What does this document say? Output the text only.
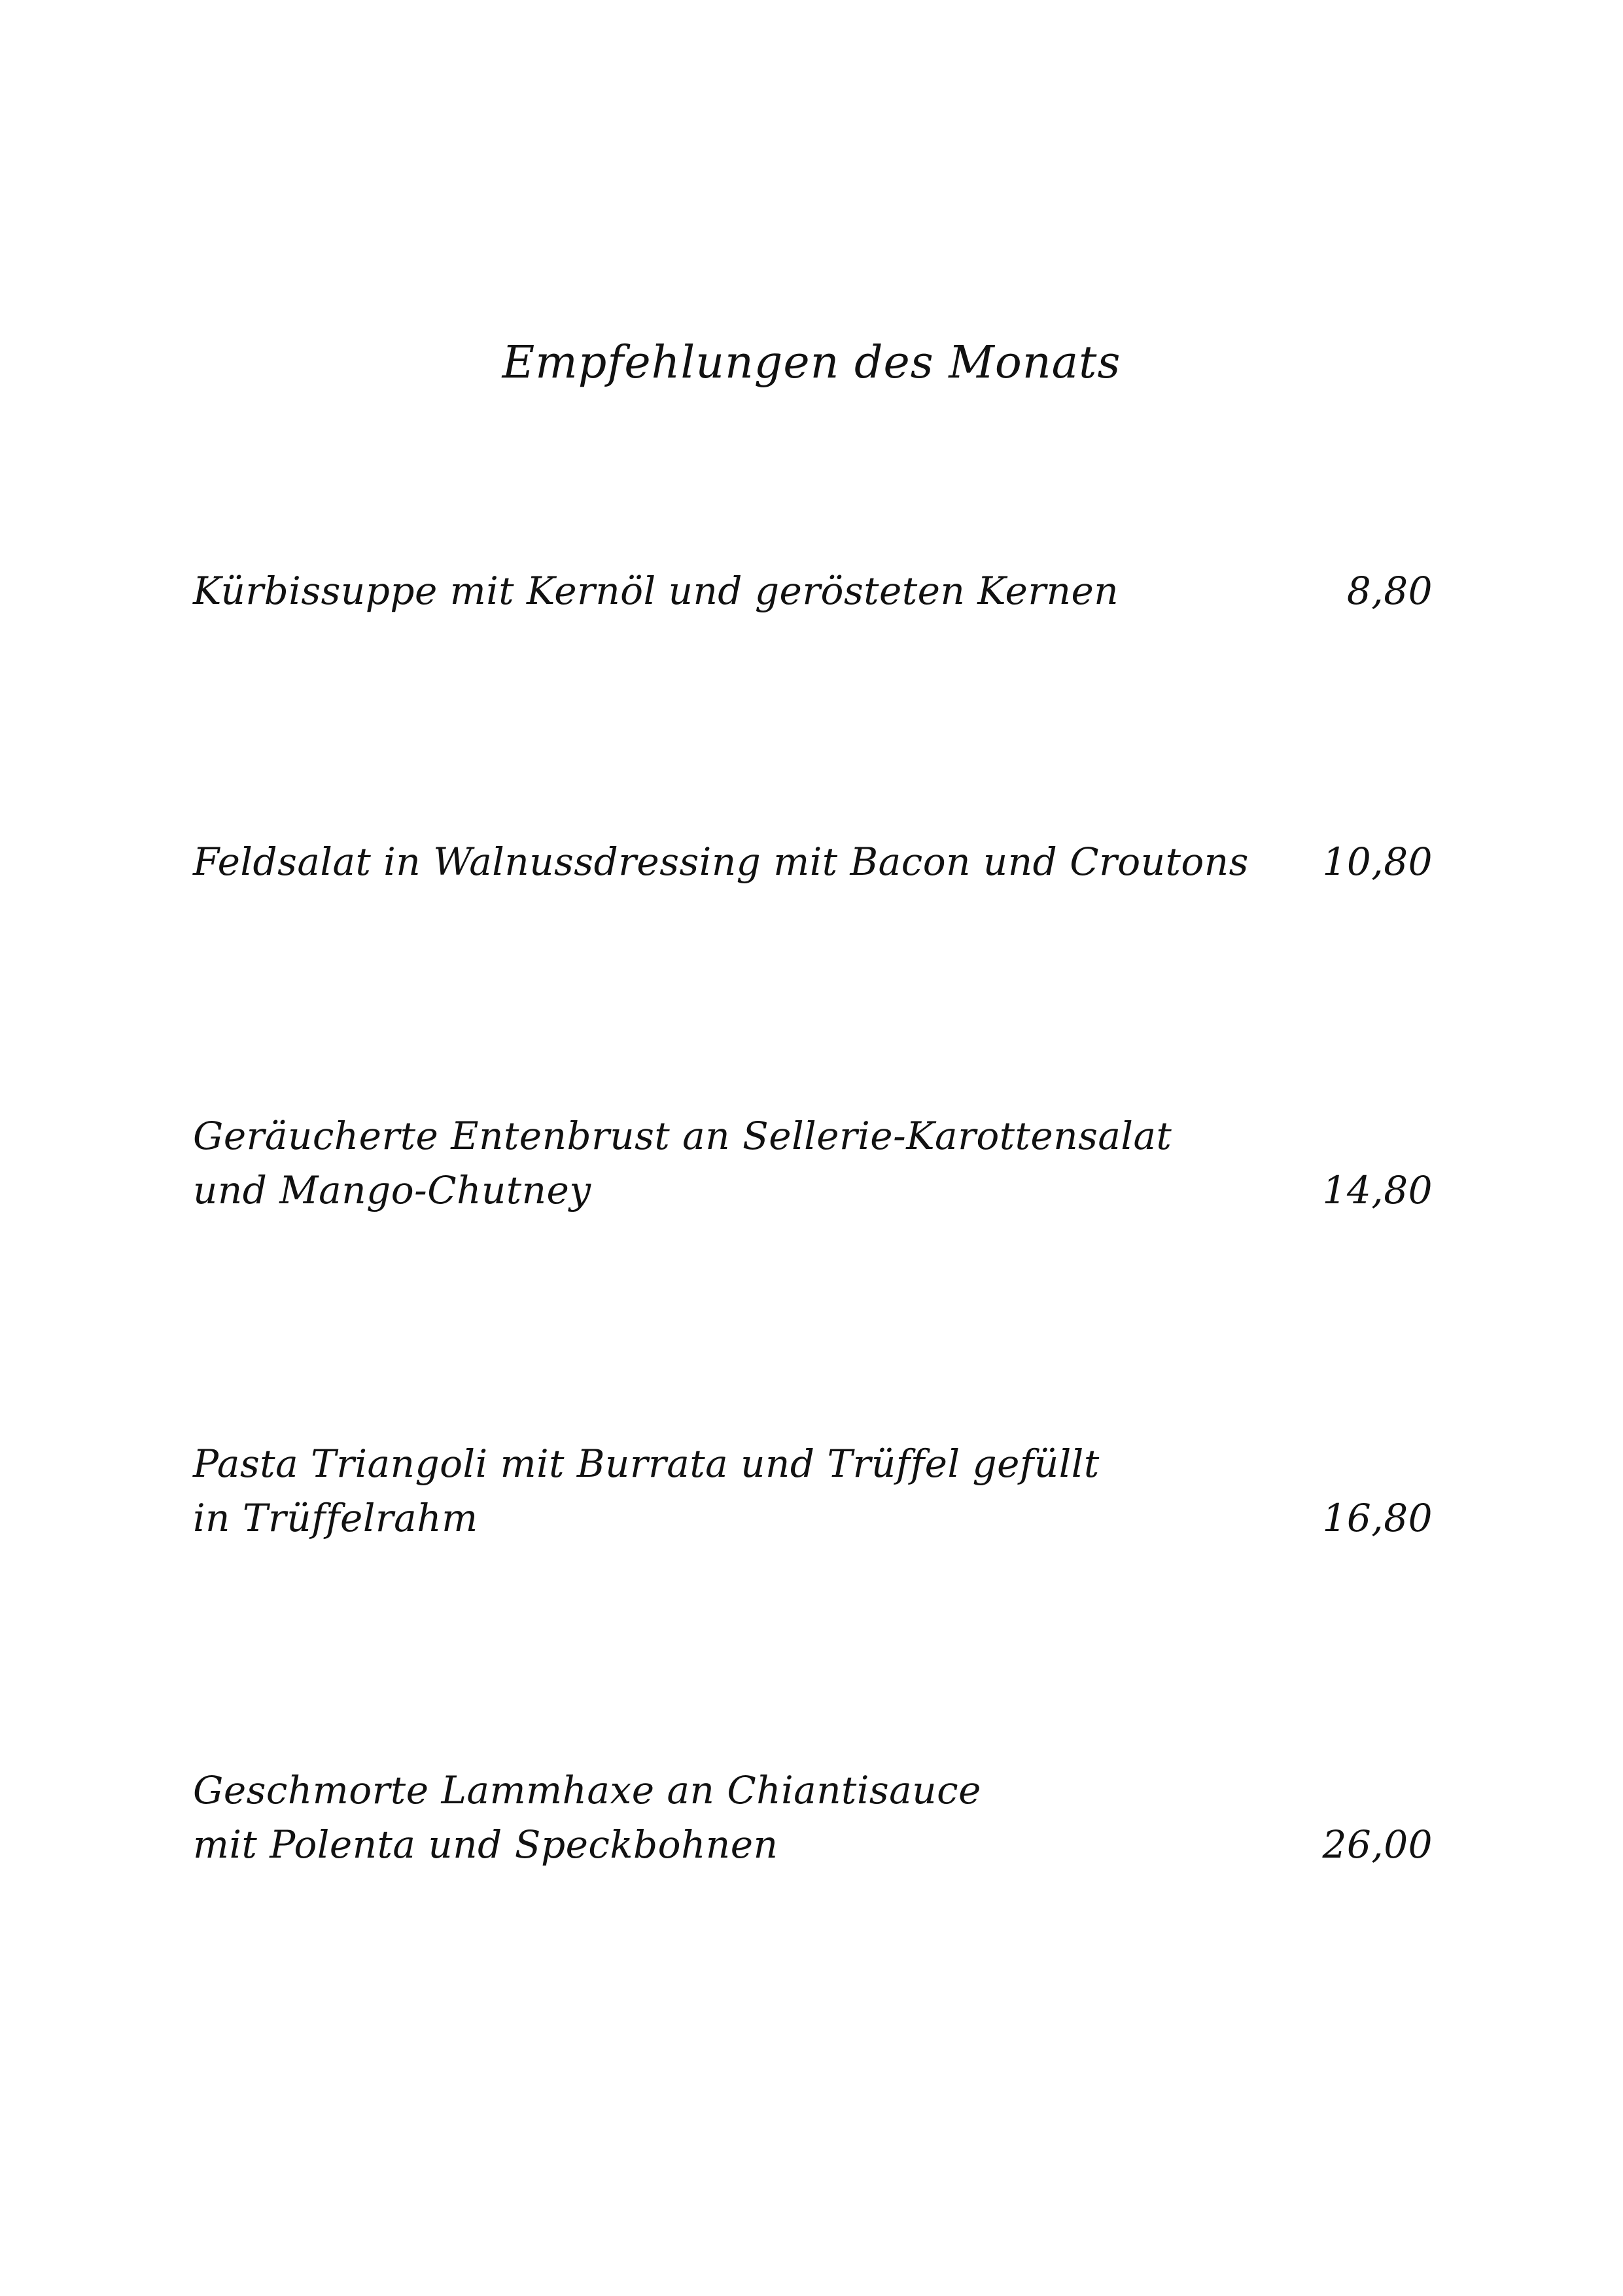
Empfehlungen des Monats
Kürbissuppe mit Kernöl und gerösteten Kernen	8,80
Feldsalat in Walnussdressing mit Bacon und Croutons	10,80
Geräucherte Entenbrust an Sellerie-Karottensalat
und Mango-Chutney	14,80
Pasta Triangoli mit Burrata und Trüffel gefüllt
in Trüffelrahm	16,80
Geschmorte Lammhaxe an Chiantisauce
mit Polenta und Speckbohnen	26,00
